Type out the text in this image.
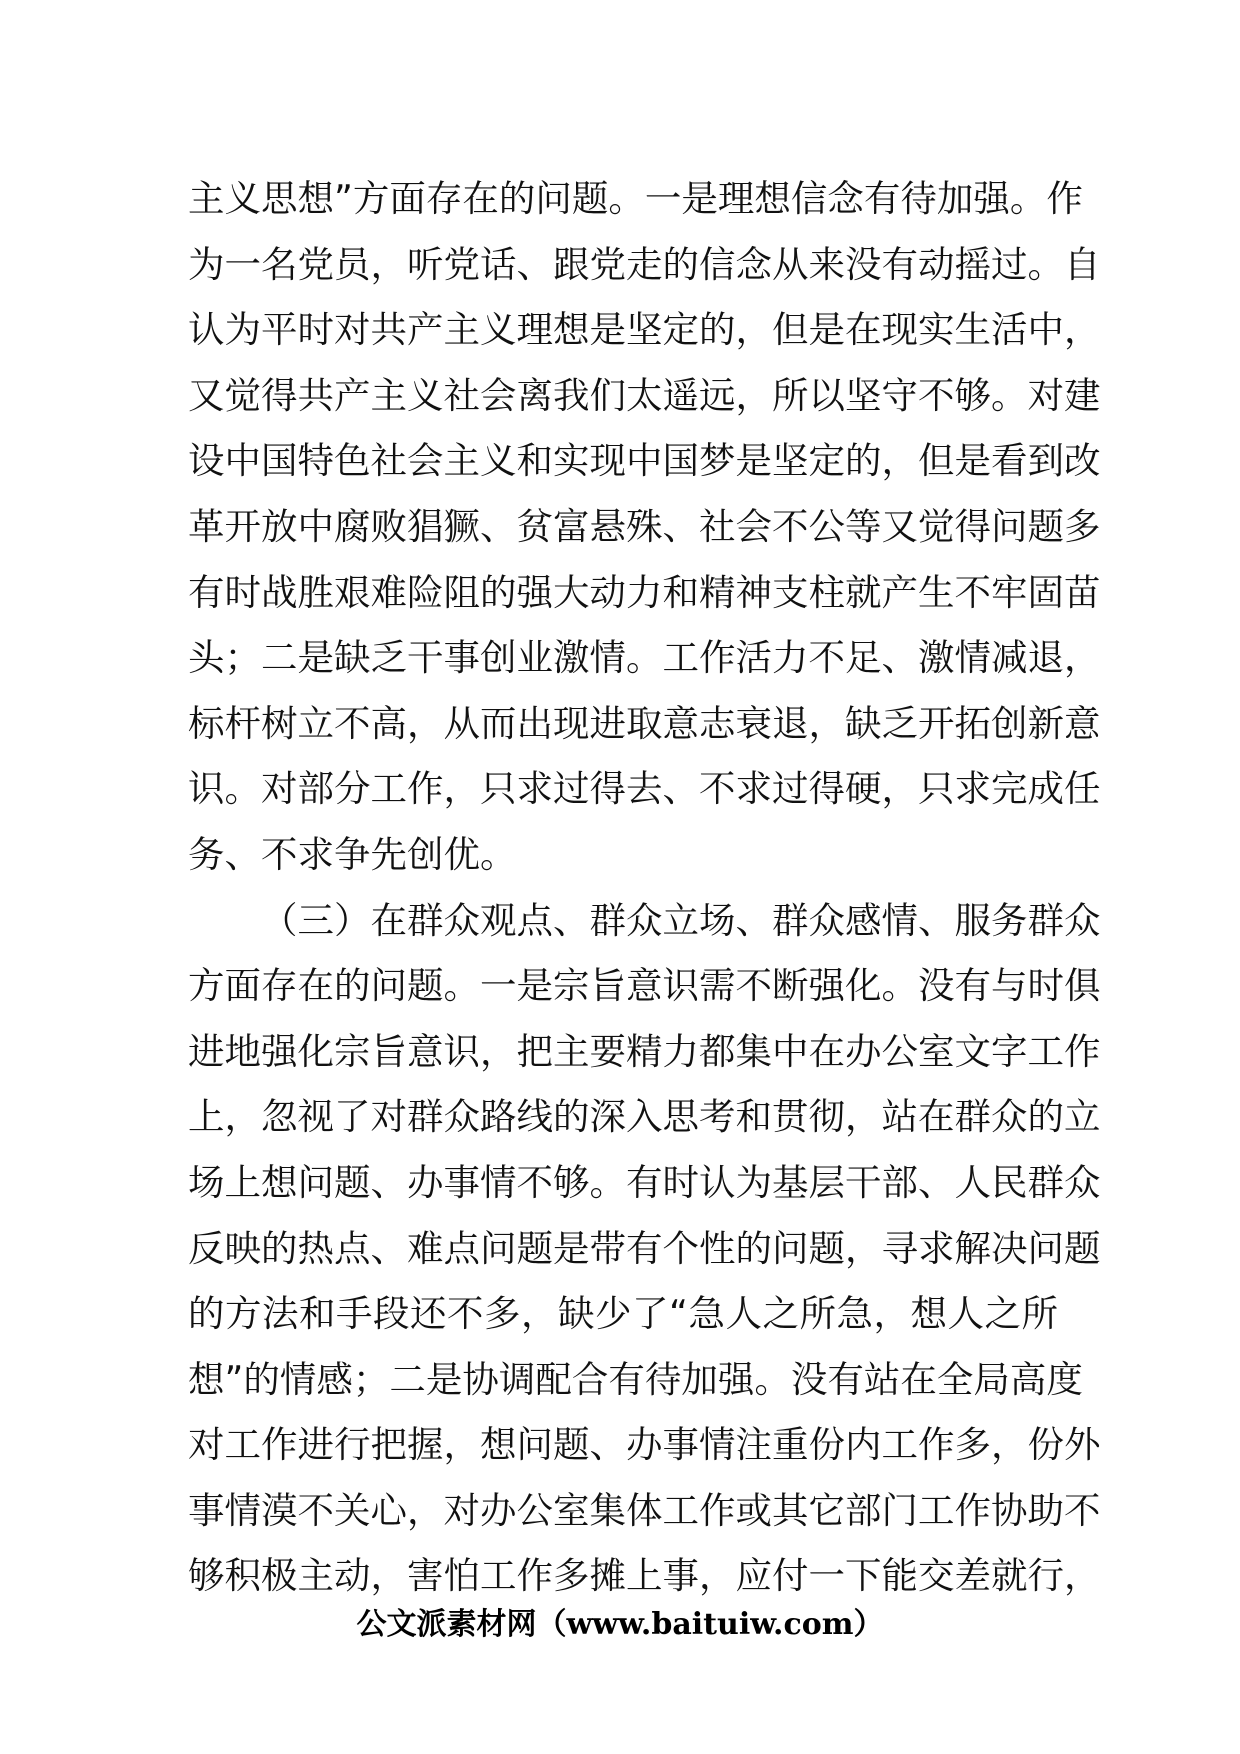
主义思想”方面存在的问题。一是理想信念有待加强。作
为一名党员，听党话、跟党走的信念从来没有动摇过。自
认为平时对共产主义理想是坚定的，但是在现实生活中，
又觉得共产主义社会离我们太遥远，所以坚守不够。对建
设中国特色社会主义和实现中国梦是坚定的，但是看到改
革开放中腐败猖獗、贫富悬殊、社会不公等又觉得问题多
有时战胜艰难险阻的强大动力和精神支柱就产生不牢固苗
头；二是缺乏干事创业激情。工作活力不足、激情减退，
标杆树立不高，从而出现进取意志衰退，缺乏开拓创新意
识。对部分工作，只求过得去、不求过得硬，只求完成任
务、不求争先创优。
（三）在群众观点、群众立场、群众感情、服务群众
方面存在的问题。一是宗旨意识需不断强化。没有与时俱
进地强化宗旨意识，把主要精力都集中在办公室文字工作
上，忽视了对群众路线的深入思考和贯彻，站在群众的立
场上想问题、办事情不够。有时认为基层干部、人民群众
反映的热点、难点问题是带有个性的问题，寻求解决问题
的方法和手段还不多，缺少了“急人之所急，想人之所
想”的情感；二是协调配合有待加强。没有站在全局高度
对工作进行把握，想问题、办事情注重份内工作多，份外
事情漠不关心，对办公室集体工作或其它部门工作协助不
够积极主动，害怕工作多摊上事，应付一下能交差就行，
公文派素材网（www.baituiw.com）
